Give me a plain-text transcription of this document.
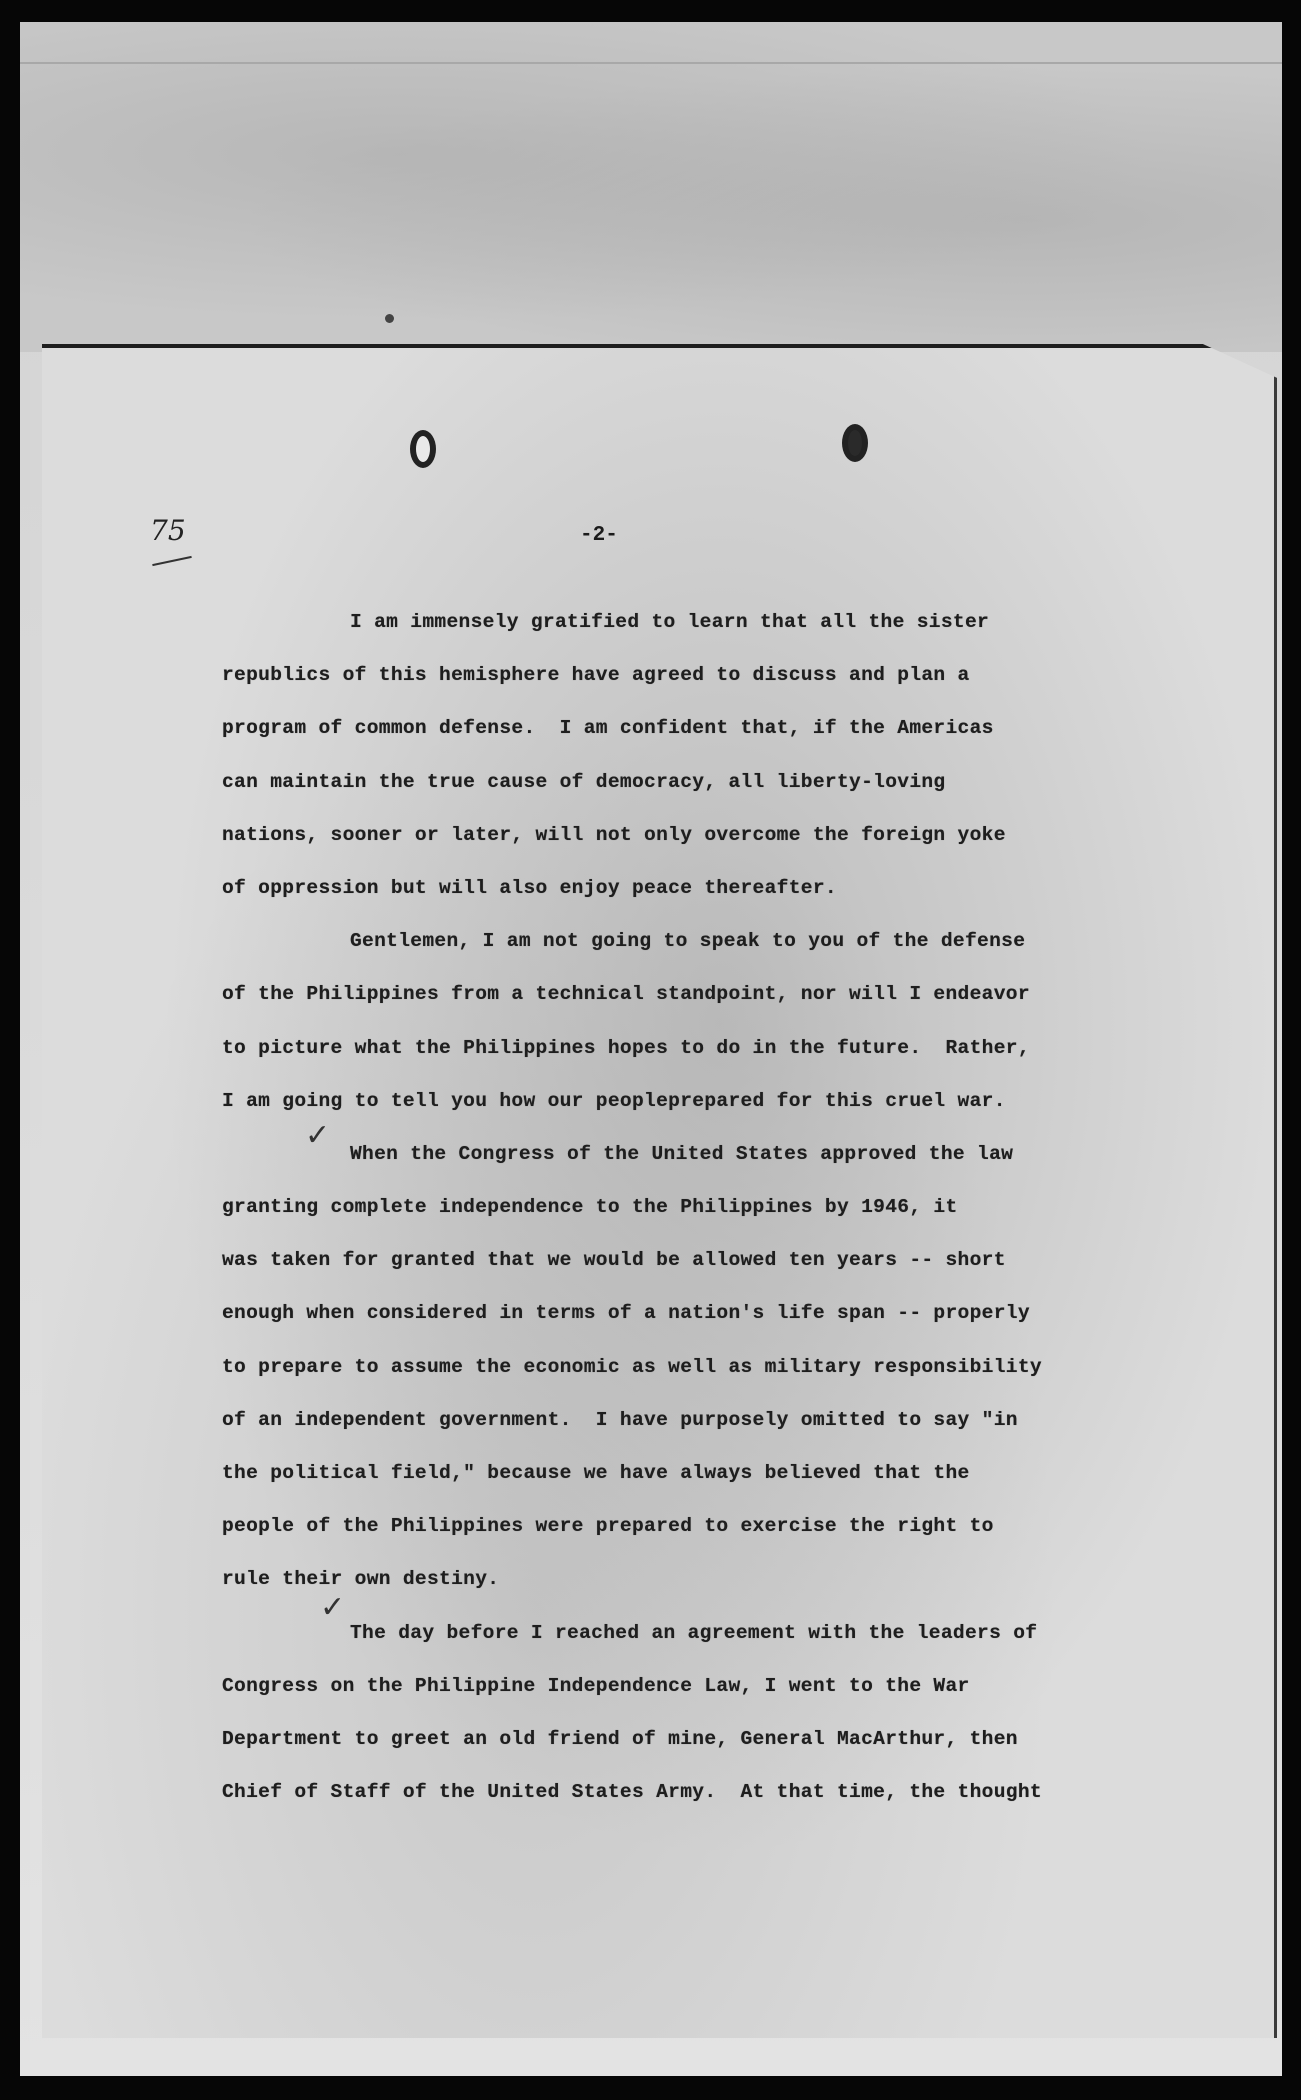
75	-2-

✓
✓
I am immensely gratified to learn that all the sister
republics of this hemisphere have agreed to discuss and plan a
program of common defense.  I am confident that, if the Americas
can maintain the true cause of democracy, all liberty-loving
nations, sooner or later, will not only overcome the foreign yoke
of oppression but will also enjoy peace thereafter.
Gentlemen, I am not going to speak to you of the defense
of the Philippines from a technical standpoint, nor will I endeavor
to picture what the Philippines hopes to do in the future.  Rather,
I am going to tell you how our peopleprepared for this cruel war.
When the Congress of the United States approved the law
granting complete independence to the Philippines by 1946, it
was taken for granted that we would be allowed ten years -- short
enough when considered in terms of a nation's life span -- properly
to prepare to assume the economic as well as military responsibility
of an independent government.  I have purposely omitted to say "in
the political field," because we have always believed that the
people of the Philippines were prepared to exercise the right to
rule their own destiny.
The day before I reached an agreement with the leaders of
Congress on the Philippine Independence Law, I went to the War
Department to greet an old friend of mine, General MacArthur, then
Chief of Staff of the United States Army.  At that time, the thought
